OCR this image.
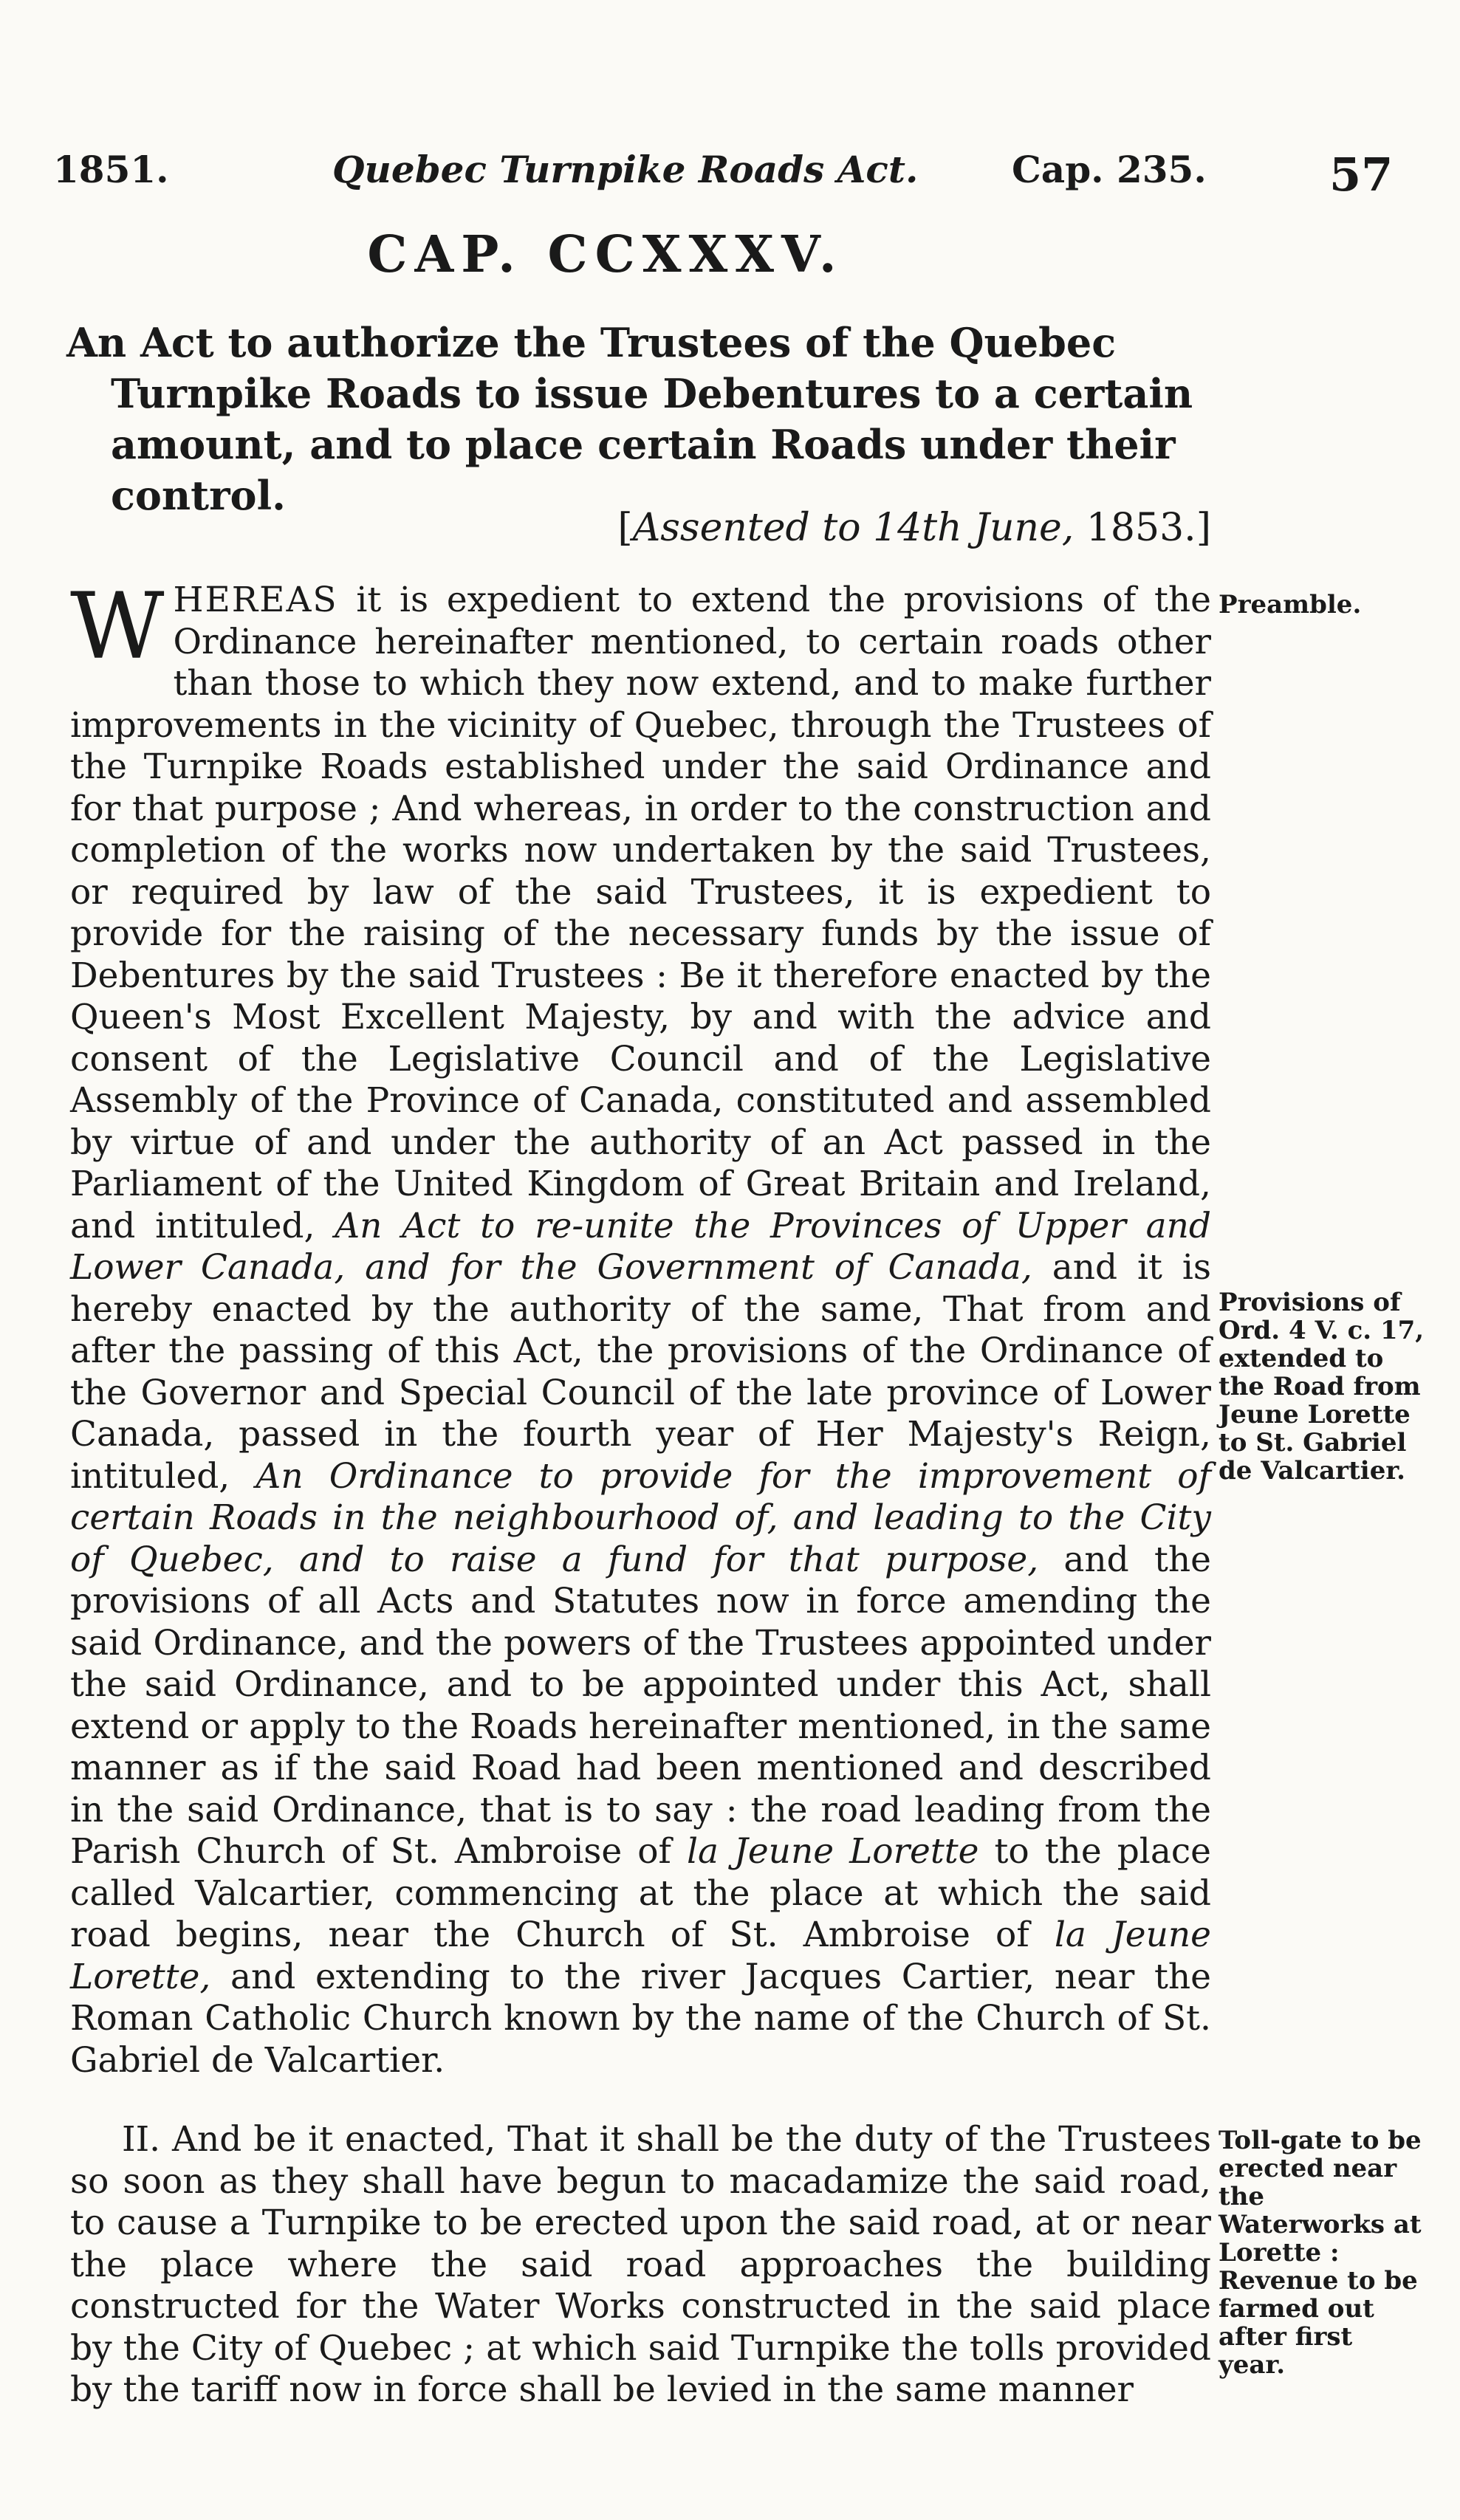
1851.	Quebec Turnpike Roads Act.	Cap. 235.	57
CAP. CCXXXV.
An Act to authorize the Trustees of the Quebec Turnpike Roads to issue Debentures to a certain amount, and to place certain Roads under their control.
[Assented to 14th June, 1853.]
WHEREAS it is expedient to extend the provisions of the Ordinance hereinafter mentioned, to certain roads other than those to which they now extend, and to make further improvements in the vicinity of Quebec, through the Trustees of the Turnpike Roads established under the said Ordinance and for that purpose ; And whereas, in order to the construction and completion of the works now undertaken by the said Trustees, or required by law of the said Trustees, it is expedient to provide for the raising of the necessary funds by the issue of Debentures by the said Trustees : Be it therefore enacted by the Queen's Most Excellent Majesty, by and with the advice and consent of the Legislative Council and of the Legislative Assembly of the Province of Canada, constituted and assembled by virtue of and under the authority of an Act passed in the Parliament of the United Kingdom of Great Britain and Ireland, and intituled, An Act to re-unite the Provinces of Upper and Lower Canada, and for the Government of Canada, and it is hereby enacted by the authority of the same, That from and after the passing of this Act, the provisions of the Ordinance of the Governor and Special Council of the late province of Lower Canada, passed in the fourth year of Her Majesty's Reign, intituled, An Ordinance to provide for the improvement of certain Roads in the neighbourhood of, and leading to the City of Quebec, and to raise a fund for that purpose, and the provisions of all Acts and Statutes now in force amending the said Ordinance, and the powers of the Trustees appointed under the said Ordinance, and to be appointed under this Act, shall extend or apply to the Roads hereinafter mentioned, in the same manner as if the said Road had been mentioned and described in the said Ordinance, that is to say : the road leading from the Parish Church of St. Ambroise of la Jeune Lorette to the place called Valcartier, commencing at the place at which the said road begins, near the Church of St. Ambroise of la Jeune Lorette, and extending to the river Jacques Cartier, near the Roman Catholic Church known by the name of the Church of St. Gabriel de Valcartier.
II. And be it enacted, That it shall be the duty of the Trustees so soon as they shall have begun to macadamize the said road, to cause a Turnpike to be erected upon the said road, at or near the place where the said road approaches the building constructed for the Water Works constructed in the said place by the City of Quebec ; at which said Turnpike the tolls provided by the tariff now in force shall be levied in the same manner
Preamble.
Provisions of Ord. 4 V. c. 17, extended to the Road from Jeune Lorette to St. Gabriel de Valcartier.
Toll-gate to be erected near the Waterworks at Lorette : Revenue to be farmed out after first year.
